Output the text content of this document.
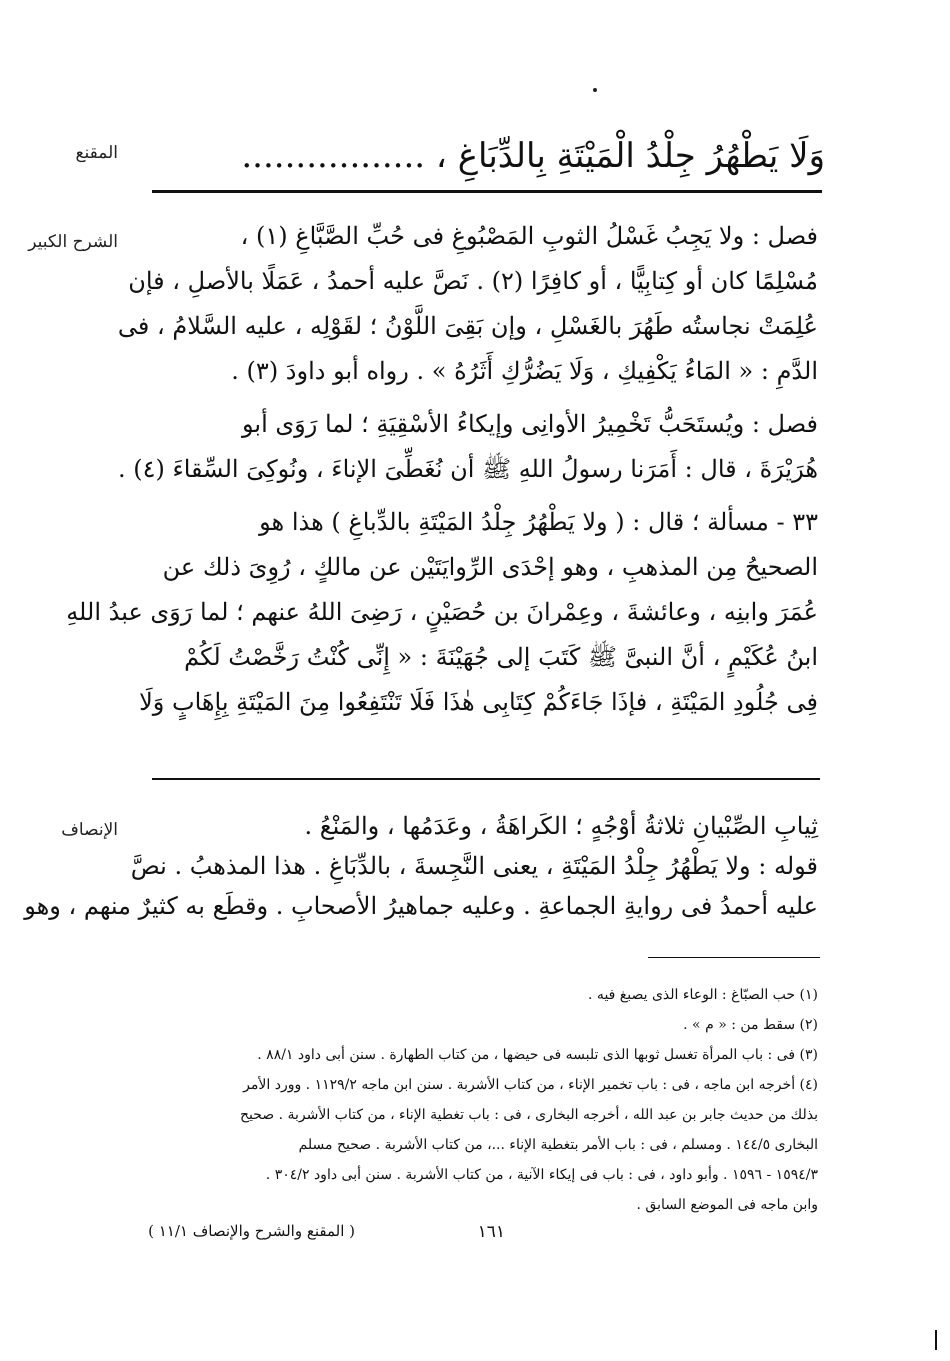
المقنع
الشرح الكبير
الإنصاف
وَلَا يَطْهُرُ جِلْدُ الْمَيْتَةِ بِالدِّبَاغِ ، .................

فصل : ولا يَجِبُ غَسْلُ الثوبِ المَصْبُوغِ فى حُبِّ الصَّبَّاغِ (١) ،

مُسْلِمًا كان أو كِتابِيًّا ، أو كافِرًا (٢) . نَصَّ عليه أحمدُ ، عَمَلًا بالأصلِ ، فإن

عُلِمَتْ نجاستُه طَهُرَ بالغَسْلِ ، وإن بَقِىَ اللَّوْنُ ؛ لقَوْلِه ، عليه السَّلامُ ، فى

الدَّمِ : « المَاءُ يَكْفِيكِ ، وَلَا يَضُرُّكِ أَثَرُهُ » . رواه أبو داودَ (٣) .

فصل : ويُستَحَبُّ تَخْمِيرُ الأوانِى وإيكاءُ الأسْقِيَةِ ؛ لما رَوَى أبو

هُرَيْرَةَ ، قال : أَمَرَنا رسولُ اللهِ ﷺ أن نُغَطِّىَ الإناءَ ، ونُوكِىَ السِّقاءَ (٤) .

٣٣ - مسألة ؛ قال : ( ولا يَطْهُرُ جِلْدُ المَيْتَةِ بالدِّباغِ ) هذا هو

الصحيحُ مِن المذهبِ ، وهو إحْدَى الرِّوايَتَيْن عن مالكٍ ، رُوِىَ ذلك عن

عُمَرَ وابنِه ، وعائشةَ ، وعِمْرانَ بن حُصَيْنٍ ، رَضِىَ اللهُ عنهم ؛ لما رَوَى عبدُ اللهِ

ابنُ عُكَيْمٍ ، أنَّ النبىَّ ﷺ كَتَبَ إلى جُهَيْنَةَ : « إِنِّى كُنْتُ رَخَّصْتُ لَكُمْ

فِى جُلُودِ المَيْتَةِ ، فإذَا جَاءَكُمْ كِتَابِى هٰذَا فَلَا تَنْتَفِعُوا مِنَ المَيْتَةِ بِإِهَابٍ وَلَا

ثِيابِ الصِّبْيانِ ثلاثةُ أوْجُهٍ ؛ الكَراهَةُ ، وعَدَمُها ، والمَنْعُ .

قوله : ولا يَطْهُرُ جِلْدُ المَيْتَةِ ، يعنى النَّجِسةَ ، بالدِّبَاغِ . هذا المذهبُ . نصَّ

عليه أحمدُ فى روايةِ الجماعةِ . وعليه جماهيرُ الأصحابِ . وقطَع به كثيرٌ منهم ، وهو

(١) حب الصبّاغ : الوعاء الذى يصبغ فيه .

(٢) سقط من : « م » .

(٣) فى : باب المرأة تغسل ثوبها الذى تلبسه فى حيضها ، من كتاب الطهارة . سنن أبى داود ٨٨/١ .

(٤) أخرجه ابن ماجه ، فى : باب تخمير الإناء ، من كتاب الأشربة . سنن ابن ماجه ١١٢٩/٢ . وورد الأمر

بذلك من حديث جابر بن عبد الله ، أخرجه البخارى ، فى : باب تغطية الإناء ، من كتاب الأشربة . صحيح

البخارى ١٤٤/٥ . ومسلم ، فى : باب الأمر بتغطية الإناء ...، من كتاب الأشربة . صحيح مسلم

١٥٩٤/٣ - ١٥٩٦ . وأبو داود ، فى : باب فى إيكاء الآنية ، من كتاب الأشربة . سنن أبى داود ٣٠٤/٢ .

وابن ماجه فى الموضع السابق .

١٦١
( المقنع والشرح والإنصاف ١١/١ )
